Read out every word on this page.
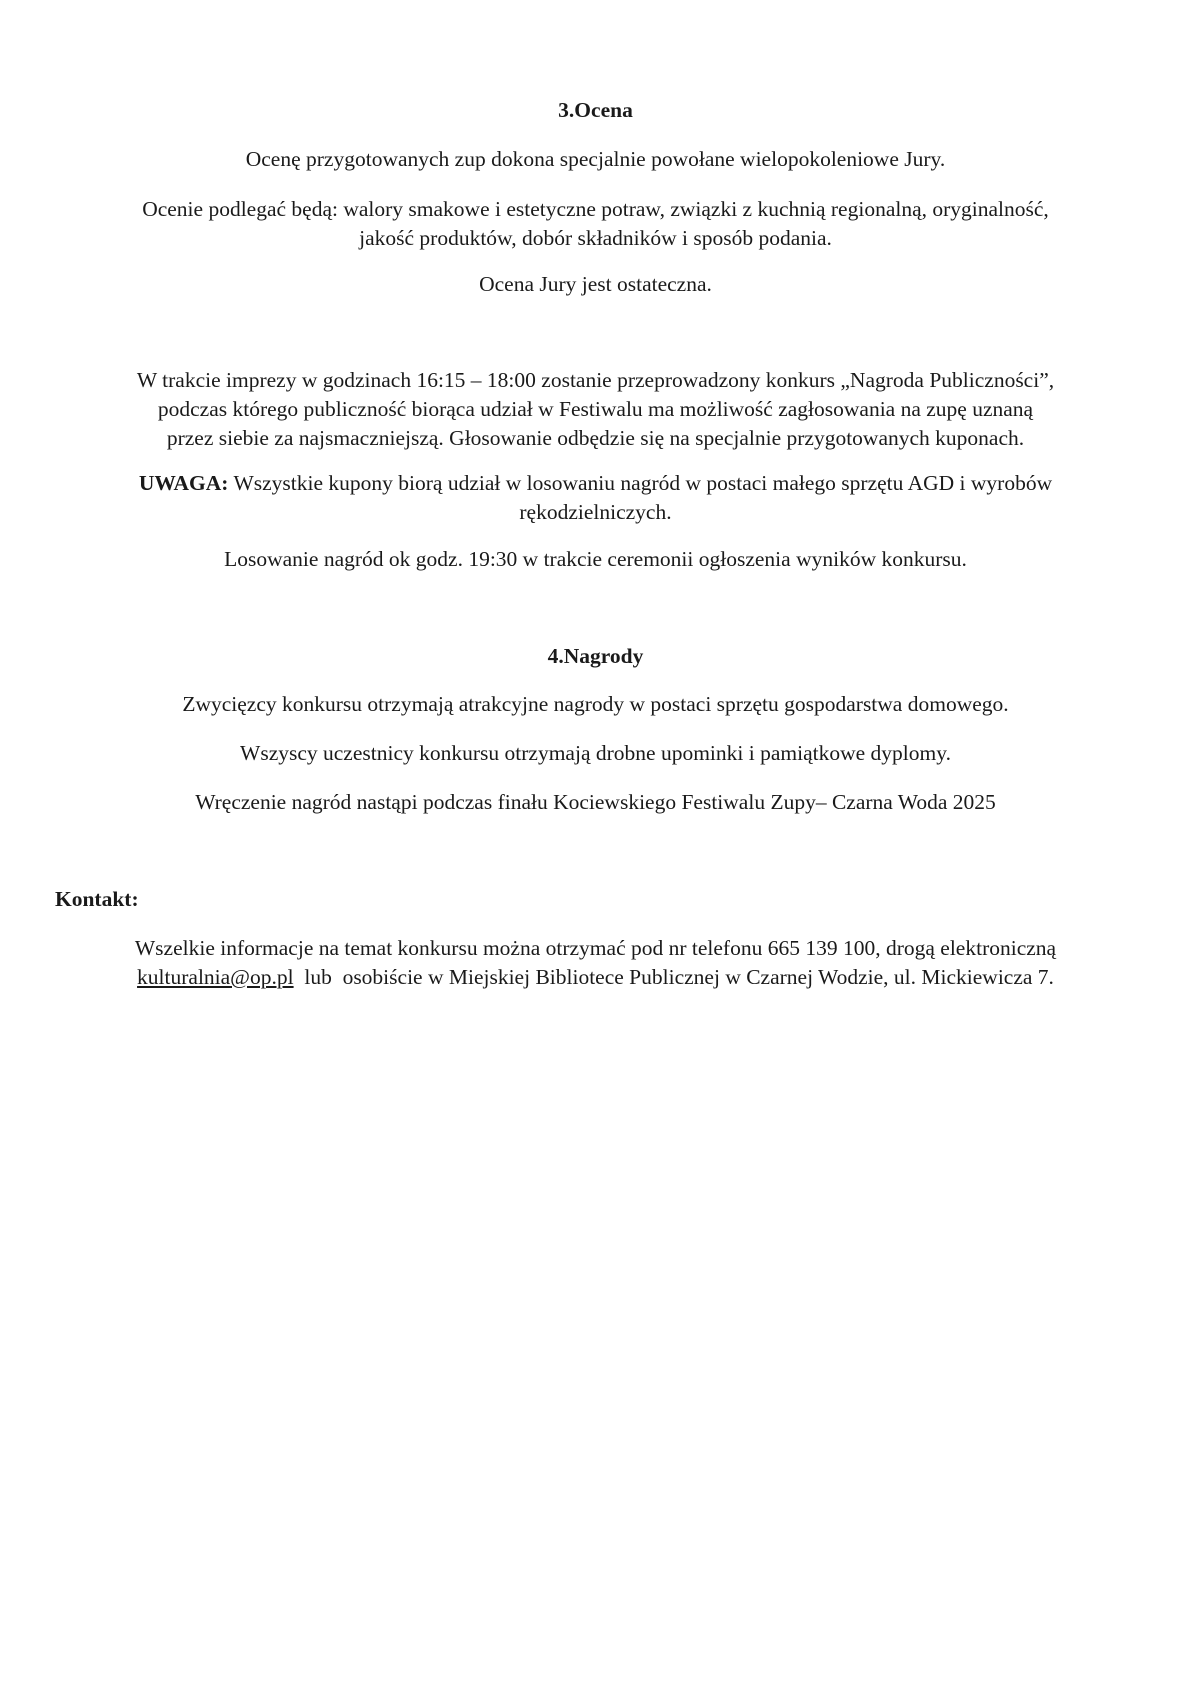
3.Ocena

Ocenę przygotowanych zup dokona specjalnie powołane wielopokoleniowe Jury.

Ocenie podlegać będą: walory smakowe i estetyczne potraw, związki z kuchnią regionalną, oryginalność,
jakość produktów, dobór składników i sposób podania.

Ocena Jury jest ostateczna.

W trakcie imprezy w godzinach 16:15 – 18:00 zostanie przeprowadzony konkurs „Nagroda Publiczności”,
podczas którego publiczność biorąca udział w Festiwalu ma możliwość zagłosowania na zupę uznaną
przez siebie za najsmaczniejszą. Głosowanie odbędzie się na specjalnie przygotowanych kuponach.
UWAGA: Wszystkie kupony biorą udział w losowaniu nagród w postaci małego sprzętu AGD i wyrobów
rękodzielniczych.

Losowanie nagród ok godz. 19:30 w trakcie ceremonii ogłoszenia wyników konkursu.

4.Nagrody

Zwycięzcy konkursu otrzymają atrakcyjne nagrody w postaci sprzętu gospodarstwa domowego.

Wszyscy uczestnicy konkursu otrzymają drobne upominki i pamiątkowe dyplomy.

Wręczenie nagród nastąpi podczas finału Kociewskiego Festiwalu Zupy– Czarna Woda 2025

Kontakt:

Wszelkie informacje na temat konkursu można otrzymać pod nr telefonu 665 139 100, drogą elektroniczną
kulturalnia@op.pl  lub  osobiście w Miejskiej Bibliotece Publicznej w Czarnej Wodzie, ul. Mickiewicza 7.
